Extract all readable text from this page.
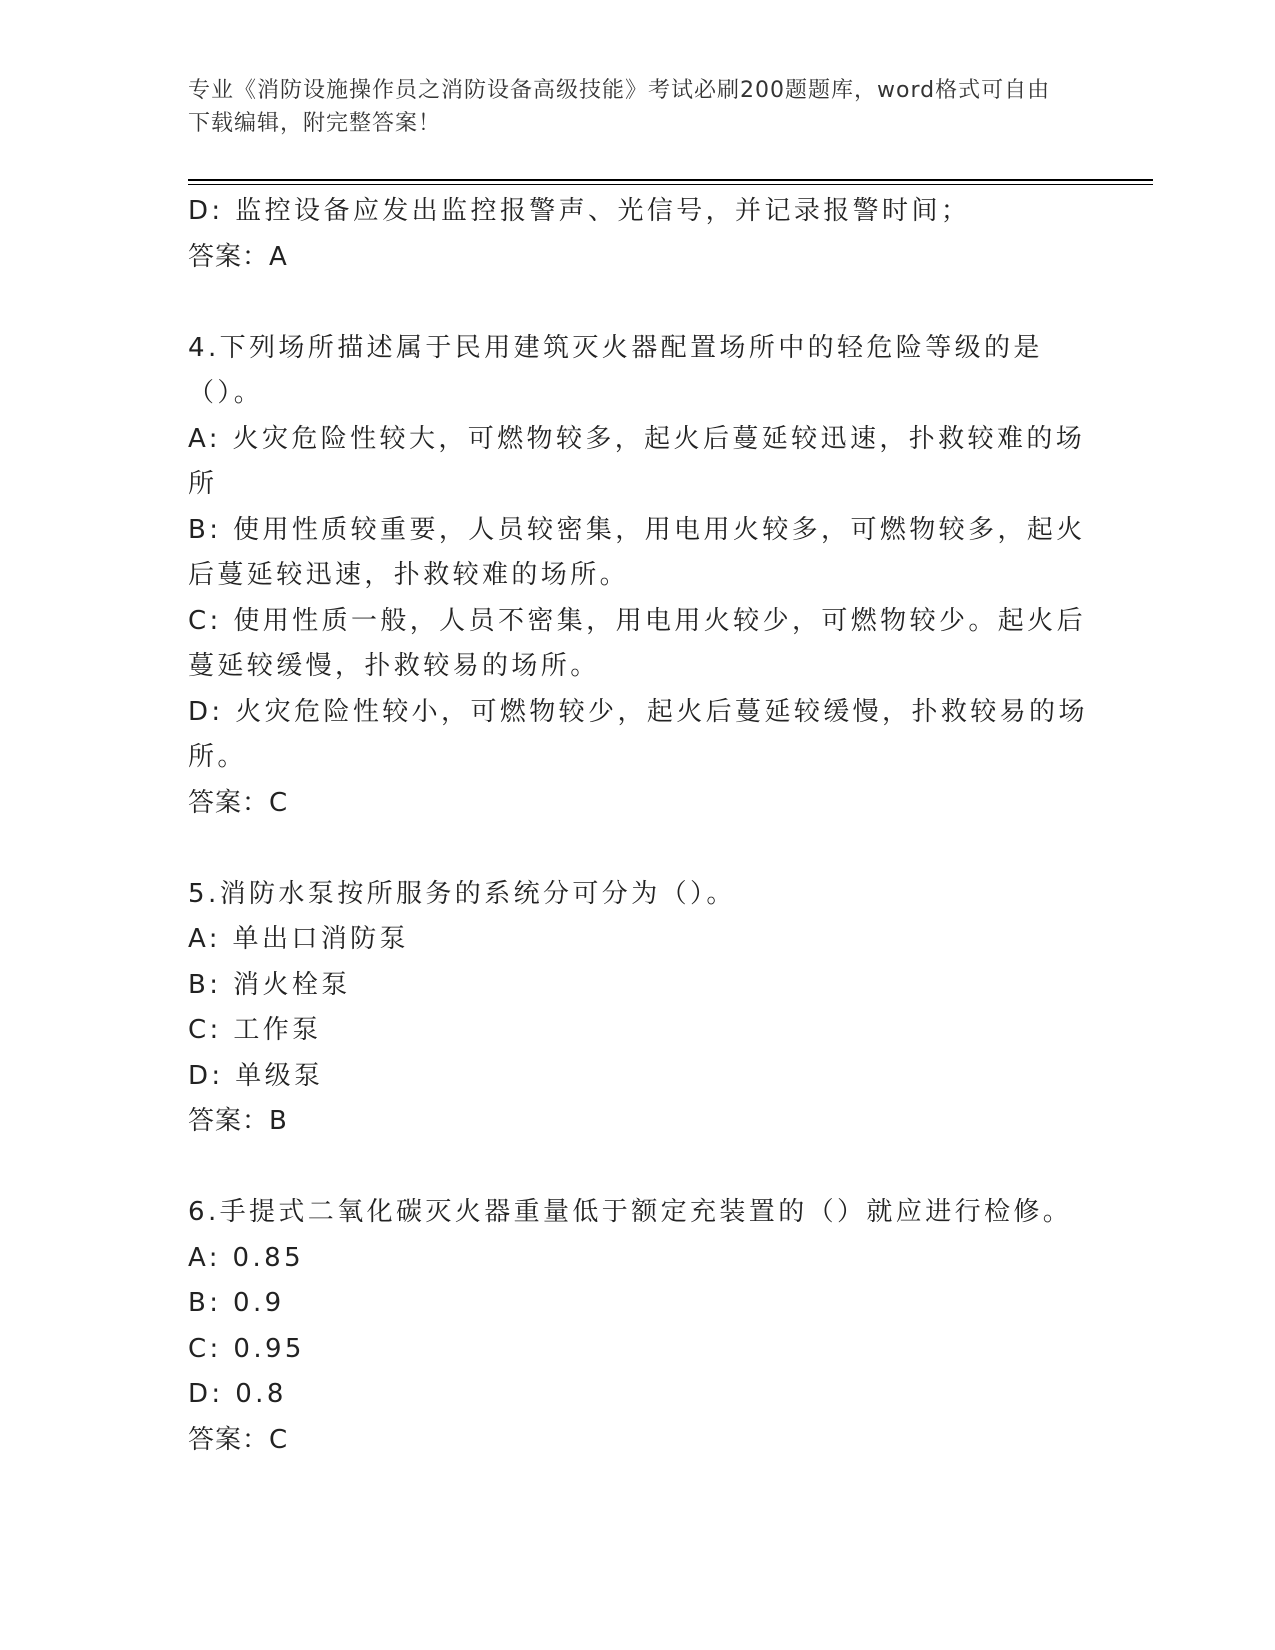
专业《消防设施操作员之消防设备高级技能》考试必刷200题题库，word格式可自由下载编辑，附完整答案！

D: 监控设备应发出监控报警声、光信号，并记录报警时间；

答案：A

4.下列场所描述属于民用建筑灭火器配置场所中的轻危险等级的是（）。

A: 火灾危险性较大，可燃物较多，起火后蔓延较迅速，扑救较难的场所

B: 使用性质较重要，人员较密集，用电用火较多，可燃物较多，起火后蔓延较迅速，扑救较难的场所。

C: 使用性质一般，人员不密集，用电用火较少，可燃物较少。起火后蔓延较缓慢，扑救较易的场所。

D: 火灾危险性较小，可燃物较少，起火后蔓延较缓慢，扑救较易的场所。

答案：C

5.消防水泵按所服务的系统分可分为（）。

A: 单出口消防泵

B: 消火栓泵

C: 工作泵

D: 单级泵

答案：B

6.手提式二氧化碳灭火器重量低于额定充装置的（）就应进行检修。

A: 0.85

B: 0.9

C: 0.95

D: 0.8

答案：C
